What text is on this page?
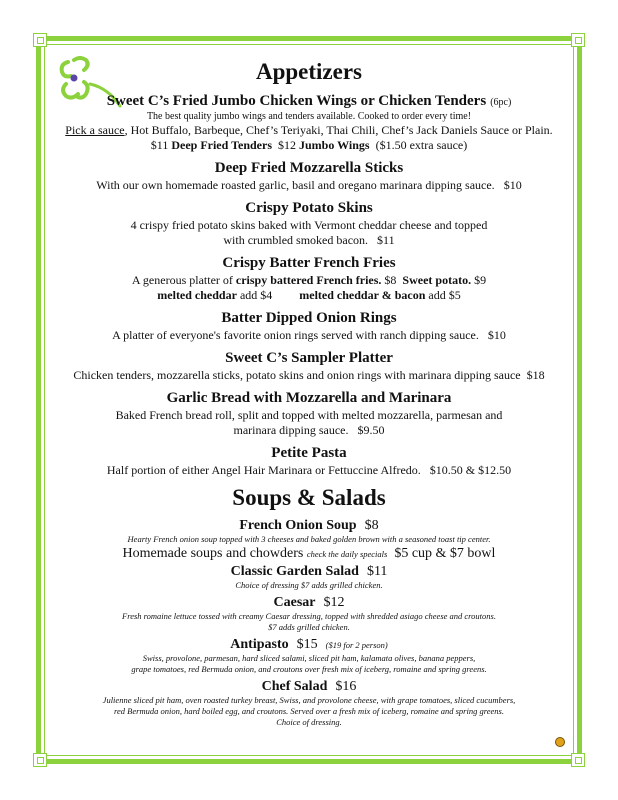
Appetizers
Sweet C’s Fried Jumbo Chicken Wings or Chicken Tenders (6pc)
The best quality jumbo wings and tenders available. Cooked to order every time!
Pick a sauce, Hot Buffalo, Barbeque, Chef’s Teriyaki, Thai Chili, Chef’s Jack Daniels Sauce or Plain.
$11 Deep Fried Tenders $12 Jumbo Wings ($1.50 extra sauce)
Deep Fried Mozzarella Sticks
With our own homemade roasted garlic, basil and oregano marinara dipping sauce. $10
Crispy Potato Skins
4 crispy fried potato skins baked with Vermont cheddar cheese and topped
with crumbled smoked bacon. $11
Crispy Batter French Fries
A generous platter of crispy battered French fries. $8 Sweet potato. $9
melted cheddar add $4 melted cheddar & bacon add $5
Batter Dipped Onion Rings
A platter of everyone's favorite onion rings served with ranch dipping sauce. $10
Sweet C’s Sampler Platter
Chicken tenders, mozzarella sticks, potato skins and onion rings with marinara dipping sauce $18
Garlic Bread with Mozzarella and Marinara
Baked French bread roll, split and topped with melted mozzarella, parmesan and
marinara dipping sauce. $9.50
Petite Pasta
Half portion of either Angel Hair Marinara or Fettuccine Alfredo. $10.50 & $12.50
Soups & Salads
French Onion Soup $8
Hearty French onion soup topped with 3 cheeses and baked golden brown with a seasoned toast tip center.
Homemade soups and chowders check the daily specials $5 cup & $7 bowl
Classic Garden Salad $11
Choice of dressing $7 adds grilled chicken.
Caesar $12
Fresh romaine lettuce tossed with creamy Caesar dressing, topped with shredded asiago cheese and croutons.
$7 adds grilled chicken.
Antipasto $15 ($19 for 2 person)
Swiss, provolone, parmesan, hard sliced salami, sliced pit ham, kalamata olives, banana peppers,
grape tomatoes, red Bermuda onion, and croutons over fresh mix of iceberg, romaine and spring greens.
Chef Salad $16
Julienne sliced pit ham, oven roasted turkey breast, Swiss, and provolone cheese, with grape tomatoes, sliced cucumbers,
red Bermuda onion, hard boiled egg, and croutons. Served over a fresh mix of iceberg, romaine and spring greens.
Choice of dressing.
